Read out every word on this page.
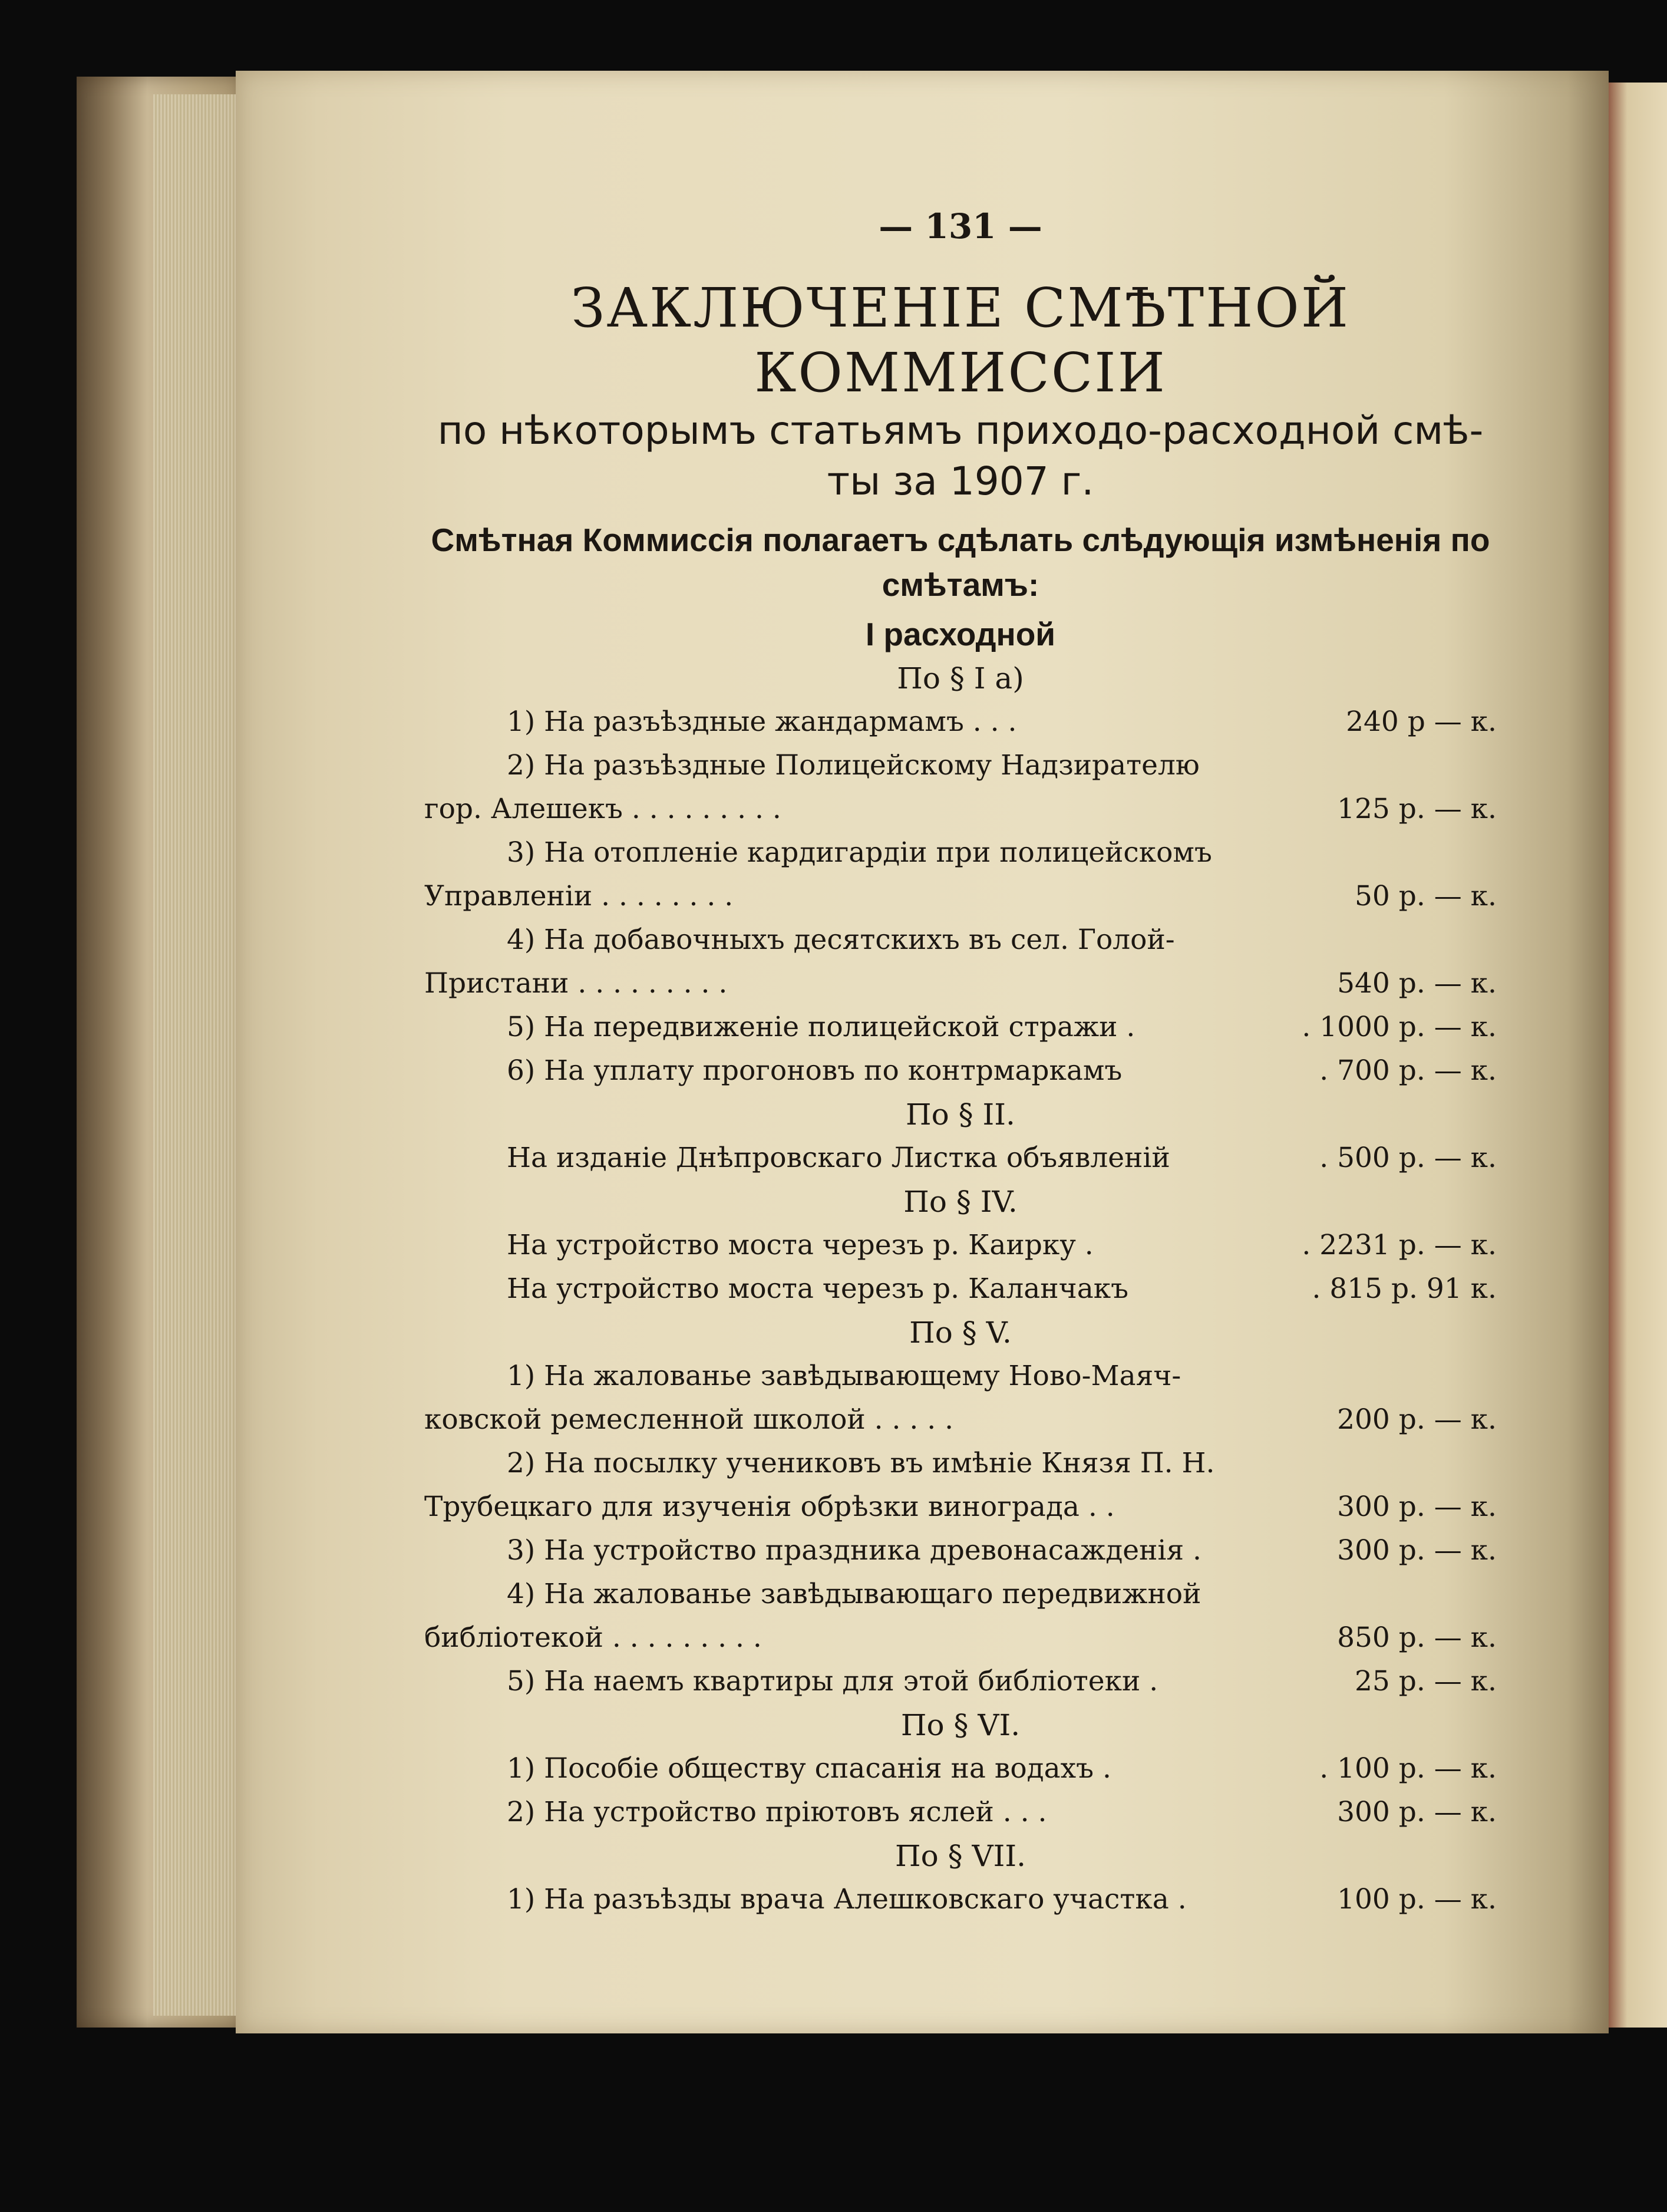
— 131 —

ЗАКЛЮЧЕНІЕ СМѢТНОЙ КОММИССІИ

по нѣкоторымъ статьямъ приходо-расходной смѣ-

ты за 1907 г.

Смѣтная Коммиссія полагаетъ сдѣлать слѣдующія измѣненія по

смѣтамъ:

I расходной

По § I а)

1) На разъѣздные жандармамъ . . .	240 р — к.
2) На разъѣздные Полицейскому Надзирателю
гор. Алешекъ . . . . . . . . .	125 р. — к.
3) На отопленіе кардигардіи при полицейскомъ
Управленіи . . . . . . . .	50 р. — к.
4) На добавочныхъ десятскихъ въ сел. Голой-
Пристани . . . . . . . . .	540 р. — к.
5) На передвиженіе полицейской стражи .	. 1000 р. — к.
6) На уплату прогоновъ по контрмаркамъ	. 700 р. — к.

По § II.

На изданіе Днѣпровскаго Листка объявленій	. 500 р. — к.

По § IV.

На устройство моста черезъ р. Каирку .	. 2231 р. — к.
На устройство моста черезъ р. Каланчакъ	. 815 р. 91 к.

По § V.

1) На жалованье завѣдывающему Ново-Маяч-
ковской ремесленной школой . . . . .	200 р. — к.
2) На посылку учениковъ въ имѣніе Князя П. Н.
Трубецкаго для изученія обрѣзки винограда . .	300 р. — к.
3) На устройство праздника древонасажденія .	300 р. — к.
4) На жалованье завѣдывающаго передвижной
библіотекой . . . . . . . . .	850 р. — к.
5) На наемъ квартиры для этой библіотеки .	25 р. — к.

По § VI.

1) Пособіе обществу спасанія на водахъ .	. 100 р. — к.
2) На устройство пріютовъ яслей . . .	300 р. — к.

По § VII.

1) На разъѣзды врача Алешковскаго участка .	100 р. — к.
